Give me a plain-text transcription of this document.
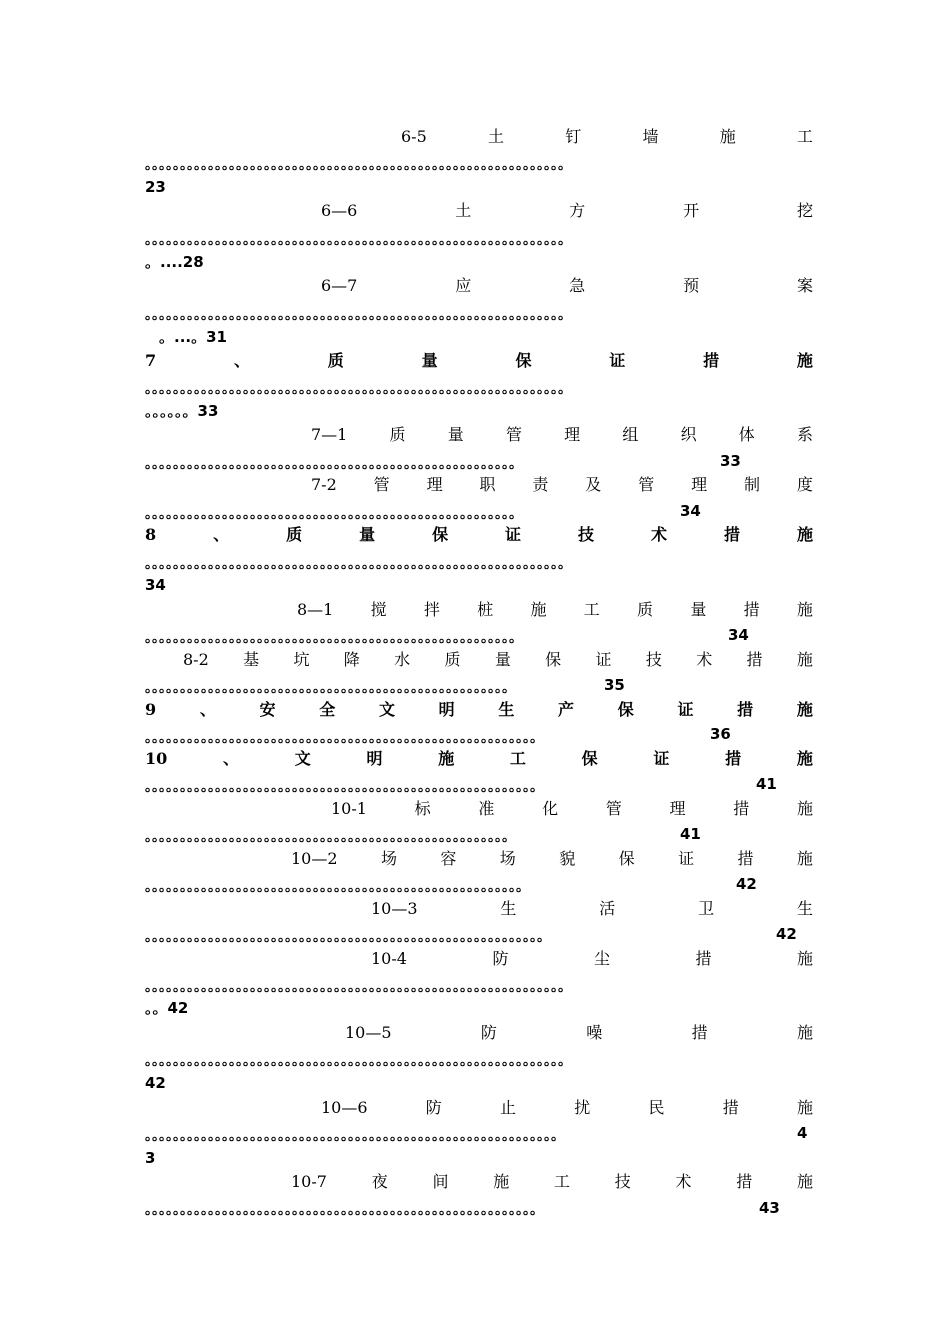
6-5	土	钉	墙	施	工
。。。。。。。。。。。。。。。。。。。。。。。。。。。。。。。。。。。。。。。。。。。。。。。。。。。。。。。。。。。。
23
6—6	土	方	开	挖
。。。。。。。。。。。。。。。。。。。。。。。。。。。。。。。。。。。。。。。。。。。。。。。。。。。。。。。。。。。。
。....28
6—7	应	急	预	案
。。。。。。。。。。。。。。。。。。。。。。。。。。。。。。。。。。。。。。。。。。。。。。。。。。。。。。。。。。。。
。...。31
7	、	质	量	保	证	措	施
。。。。。。。。。。。。。。。。。。。。。。。。。。。。。。。。。。。。。。。。。。。。。。。。。。。。。。。。。。。。
。。。。。。33
7—1	质	量	管	理	组	织	体	系
。。。。。。。。。。。。。。。。。。。。。。。。。。。。。。。。。。。。。。。。。。。。。。。。。。。。。	33
7-2 管 理 职 责 及 管 理 制 度
。。。。。。。。。。。。。。。。。。。。。。。。。。。。。。。。。。。。。。。。。。。。。。。。。。。。。	34
8	、	质	量	保	证	技	术	措	施
。。。。。。。。。。。。。。。。。。。。。。。。。。。。。。。。。。。。。。。。。。。。。。。。。。。。。。。。。。。。
34
8—1 搅 拌 桩 施 工 质 量 措 施
。。。。。。。。。。。。。。。。。。。。。。。。。。。。。。。。。。。。。。。。。。。。。。。。。。。。。	34
8-2 基 坑 降 水 质 量 保 证 技 术 措 施
。。。。。。。。。。。。。。。。。。。。。。。。。。。。。。。。。。。。。。。。。。。。。。。。。。。。	35
9	、	安	全	文	明	生	产	保	证	措	施
。。。。。。。。。。。。。。。。。。。。。。。。。。。。。。。。。。。。。。。。。。。。。。。。。。。。。。。。	36
10	、	文	明	施	工	保	证	措	施
。。。。。。。。。。。。。。。。。。。。。。。。。。。。。。。。。。。。。。。。。。。。。。。。。。。。。。。。	41
10-1	标	准	化	管	理	措	施
。。。。。。。。。。。。。。。。。。。。。。。。。。。。。。。。。。。。。。。。。。。。。。。。。。。。	41
10—2	场	容	场	貌	保	证	措	施
。。。。。。。。。。。。。。。。。。。。。。。。。。。。。。。。。。。。。。。。。。。。。。。。。。。。。。	42
10—3	生	活	卫	生
。。。。。。。。。。。。。。。。。。。。。。。。。。。。。。。。。。。。。。。。。。。。。。。。。。。。。。。。。	42
10-4	防	尘	措	施
。。。。。。。。。。。。。。。。。。。。。。。。。。。。。。。。。。。。。。。。。。。。。。。。。。。。。。。。。。。。
。。42
10—5	防	噪	措	施
。。。。。。。。。。。。。。。。。。。。。。。。。。。。。。。。。。。。。。。。。。。。。。。。。。。。。。。。。。。。
42
10—6	防	止	扰	民	措	施
。。。。。。。。。。。。。。。。。。。。。。。。。。。。。。。。。。。。。。。。。。。。。。。。。。。。。。。。。。。	4
3
10-7	夜	间	施	工	技	术	措	施
。。。。。。。。。。。。。。。。。。。。。。。。。。。。。。。。。。。。。。。。。。。。。。。。。。。。。。。。	43
